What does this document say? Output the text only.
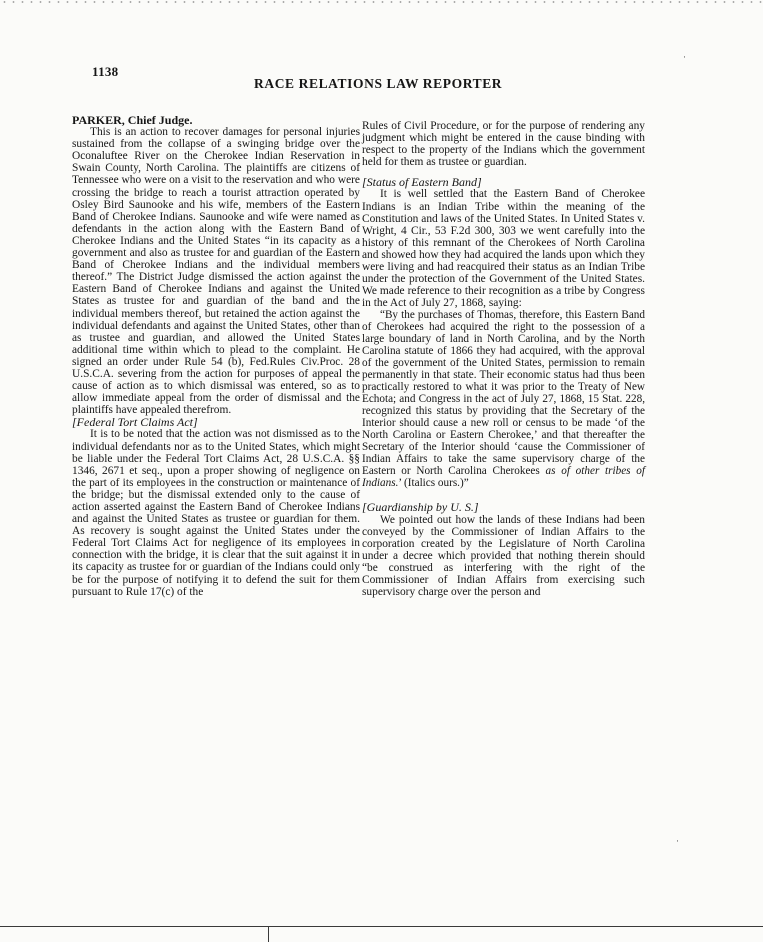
1138
RACE RELATIONS LAW REPORTER

PARKER, Chief Judge.

This is an action to recover damages for personal injuries sustained from the collapse of a swinging bridge over the Oconaluftee River on the Cherokee Indian Reservation in Swain County, North Carolina. The plaintiffs are citizens of Tennessee who were on a visit to the reservation and who were crossing the bridge to reach a tourist attraction operated by Osley Bird Saunooke and his wife, members of the Eastern Band of Cherokee Indians. Saunooke and wife were named as defendants in the action along with the Eastern Band of Cherokee Indians and the United States “in its capacity as a government and also as trustee for and guardian of the Eastern Band of Cherokee Indians and the individual members thereof.” The District Judge dismissed the action against the Eastern Band of Cherokee Indians and against the United States as trustee for and guardian of the band and the individual members thereof, but retained the action against the individual defendants and against the United States, other than as trustee and guardian, and allowed the United States additional time within which to plead to the complaint. He signed an order under Rule 54 (b), Fed.Rules Civ.Proc. 28 U.S.C.A. severing from the action for purposes of appeal the cause of action as to which dismissal was entered, so as to allow immediate appeal from the order of dismissal and the plaintiffs have appealed therefrom.

[Federal Tort Claims Act]

It is to be noted that the action was not dismissed as to the individual defendants nor as to the United States, which might be liable under the Federal Tort Claims Act, 28 U.S.C.A. §§ 1346, 2671 et seq., upon a proper showing of negligence on the part of its employees in the construction or maintenance of the bridge; but the dismissal extended only to the cause of action asserted against the Eastern Band of Cherokee Indians and against the United States as trustee or guardian for them. As recovery is sought against the United States under the Federal Tort Claims Act for negligence of its employees in connection with the bridge, it is clear that the suit against it in its capacity as trustee for or guardian of the Indians could only be for the purpose of notifying it to defend the suit for them pursuant to Rule 17(c) of the

Rules of Civil Procedure, or for the purpose of rendering any judgment which might be entered in the cause binding with respect to the property of the Indians which the government held for them as trustee or guardian.

[Status of Eastern Band]

It is well settled that the Eastern Band of Cherokee Indians is an Indian Tribe within the meaning of the Constitution and laws of the United States. In United States v. Wright, 4 Cir., 53 F.2d 300, 303 we went carefully into the history of this remnant of the Cherokees of North Carolina and showed how they had acquired the lands upon which they were living and had reacquired their status as an Indian Tribe under the protection of the Government of the United States. We made reference to their recognition as a tribe by Congress in the Act of July 27, 1868, saying:

“By the purchases of Thomas, therefore, this Eastern Band of Cherokees had acquired the right to the possession of a large boundary of land in North Carolina, and by the North Carolina statute of 1866 they had acquired, with the approval of the government of the United States, permission to remain permanently in that state. Their economic status had thus been practically restored to what it was prior to the Treaty of New Echota; and Congress in the act of July 27, 1868, 15 Stat. 228, recognized this status by providing that the Secretary of the Interior should cause a new roll or census to be made ‘of the North Carolina or Eastern Cherokee,’ and that thereafter the Secretary of the Interior should ‘cause the Commissioner of Indian Affairs to take the same supervisory charge of the Eastern or North Carolina Cherokees as of other tribes of Indians.’ (Italics ours.)”

[Guardianship by U. S.]

We pointed out how the lands of these Indians had been conveyed by the Commissioner of Indian Affairs to the corporation created by the Legislature of North Carolina under a decree which provided that nothing therein should “be construed as interfering with the right of the Commissioner of Indian Affairs from exercising such supervisory charge over the person and

·
·
